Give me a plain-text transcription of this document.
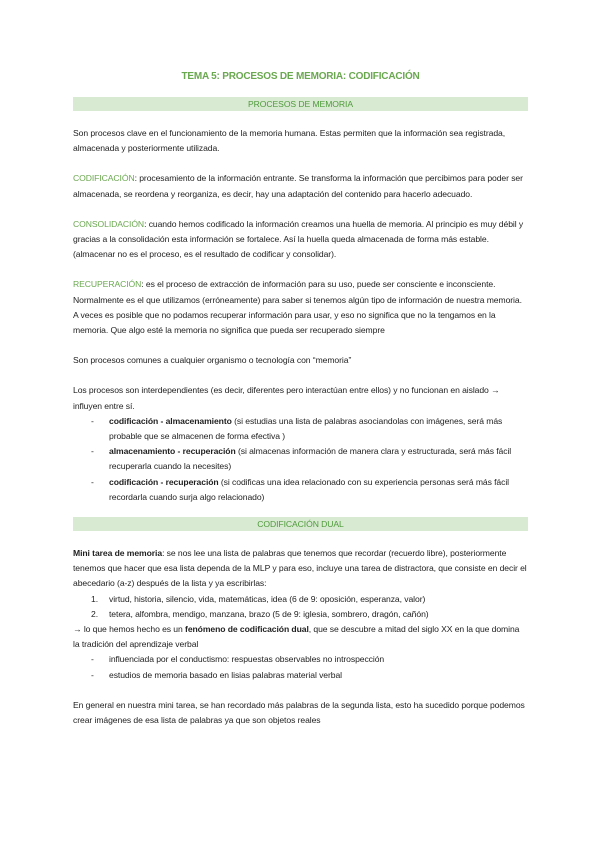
TEMA 5: PROCESOS DE MEMORIA: CODIFICACIÓN
PROCESOS DE MEMORIA

Son procesos clave en el funcionamiento de la memoria humana. Estas permiten que la información sea registrada, almacenada y posteriormente utilizada.

CODIFICACIÓN: procesamiento de la información entrante. Se transforma la información que percibimos para poder ser almacenada, se reordena y reorganiza, es decir, hay una adaptación del contenido para hacerlo adecuado.

CONSOLIDACIÓN: cuando hemos codificado la información creamos una huella de memoria. Al principio es muy débil y gracias a la consolidación esta información se fortalece. Así la huella queda almacenada de forma más estable.(almacenar no es el proceso, es el resultado de codificar y consolidar).

RECUPERACIÓN: es el proceso de extracción de información para su uso, puede ser consciente e inconsciente. Normalmente es el que utilizamos (erróneamente) para saber si tenemos algún tipo de información de nuestra memoria. A veces es posible que no podamos recuperar información para usar, y eso no significa que no la tengamos en la memoria. Que algo esté la memoria no significa que pueda ser recuperado siempre

Son procesos comunes a cualquier organismo o tecnología con “memoria”

Los procesos son interdependientes (es decir, diferentes pero interactúan entre ellos) y no funcionan en aislado → influyen entre sí.

- codificación - almacenamiento (si estudias una lista de palabras asociandolas con imágenes, será más probable que se almacenen de forma efectiva )
- almacenamiento - recuperación (si almacenas información de manera clara y estructurada, será más fácil recuperarla cuando la necesites)
- codificación - recuperación (si codificas una idea relacionado con su experiencia personas será más fácil recordarla cuando surja algo relacionado)
CODIFICACIÓN DUAL

Mini tarea de memoria: se nos lee una lista de palabras que tenemos que recordar (recuerdo libre), posteriormente tenemos que hacer que esa lista dependa de la MLP y para eso, incluye una tarea de distractora, que consiste en decir el abecedario (a-z) después de la lista y ya escribirlas:

1. virtud, historia, silencio, vida, matemáticas, idea (6 de 9: oposición, esperanza, valor)
2. tetera, alfombra, mendigo, manzana, brazo (5 de 9: iglesia, sombrero, dragón, cañón)

→ lo que hemos hecho es un fenómeno de codificación dual, que se descubre a mitad del siglo XX en la que domina la tradición del aprendizaje verbal

- influenciada por el conductismo: respuestas observables no introspección
- estudios de memoria basado en lisias palabras material verbal

En general en nuestra mini tarea, se han recordado más palabras de la segunda lista, esto ha sucedido porque podemos crear imágenes de esa lista de palabras ya que son objetos reales
